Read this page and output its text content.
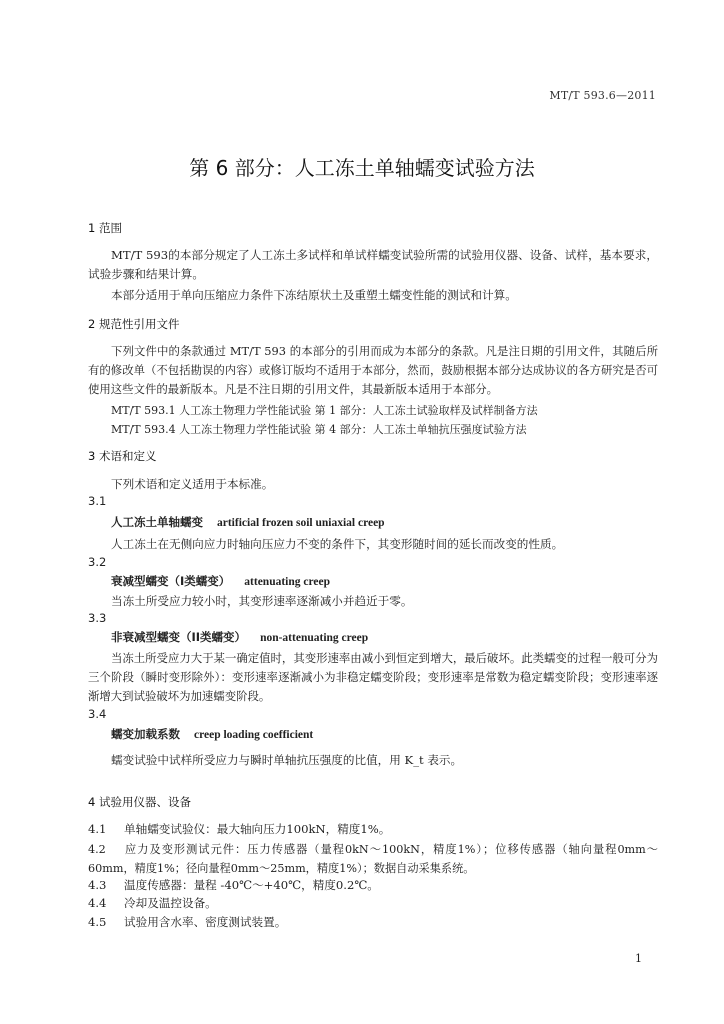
MT/T 593.6—2011
第 6 部分：人工冻土单轴蠕变试验方法
1 范围
MT/T 593的本部分规定了人工冻土多试样和单试样蠕变试验所需的试验用仪器、设备、试样，基本要求，试验步骤和结果计算。
本部分适用于单向压缩应力条件下冻结原状土及重塑土蠕变性能的测试和计算。
2 规范性引用文件
下列文件中的条款通过 MT/T 593 的本部分的引用而成为本部分的条款。凡是注日期的引用文件，其随后所有的修改单（不包括勘误的内容）或修订版均不适用于本部分，然而，鼓励根据本部分达成协议的各方研究是否可使用这些文件的最新版本。凡是不注日期的引用文件，其最新版本适用于本部分。
MT/T 593.1 人工冻土物理力学性能试验 第 1 部分：人工冻土试验取样及试样制备方法
MT/T 593.4 人工冻土物理力学性能试验 第 4 部分：人工冻土单轴抗压强度试验方法
3 术语和定义
下列术语和定义适用于本标准。
3.1
人工冻土单轴蠕变 artificial frozen soil uniaxial creep
人工冻土在无侧向应力时轴向压应力不变的条件下，其变形随时间的延长而改变的性质。
3.2
衰减型蠕变（I类蠕变） attenuating creep
当冻土所受应力较小时，其变形速率逐渐减小并趋近于零。
3.3
非衰减型蠕变（II类蠕变） non-attenuating creep
当冻土所受应力大于某一确定值时，其变形速率由减小到恒定到增大，最后破坏。此类蠕变的过程一般可分为三个阶段（瞬时变形除外）：变形速率逐渐减小为非稳定蠕变阶段；变形速率是常数为稳定蠕变阶段；变形速率逐渐增大到试验破坏为加速蠕变阶段。
3.4
蠕变加载系数 creep loading coefficient
蠕变试验中试样所受应力与瞬时单轴抗压强度的比值，用 K_t 表示。
4 试验用仪器、设备
4.1 单轴蠕变试验仪：最大轴向压力100kN，精度1%。
4.2 应力及变形测试元件：压力传感器（量程0kN～100kN，精度1%）；位移传感器（轴向量程0mm～60mm，精度1%；径向量程0mm～25mm，精度1%）；数据自动采集系统。
4.3 温度传感器：量程 -40℃～+40℃，精度0.2℃。
4.4 冷却及温控设备。
4.5 试验用含水率、密度测试装置。
1
